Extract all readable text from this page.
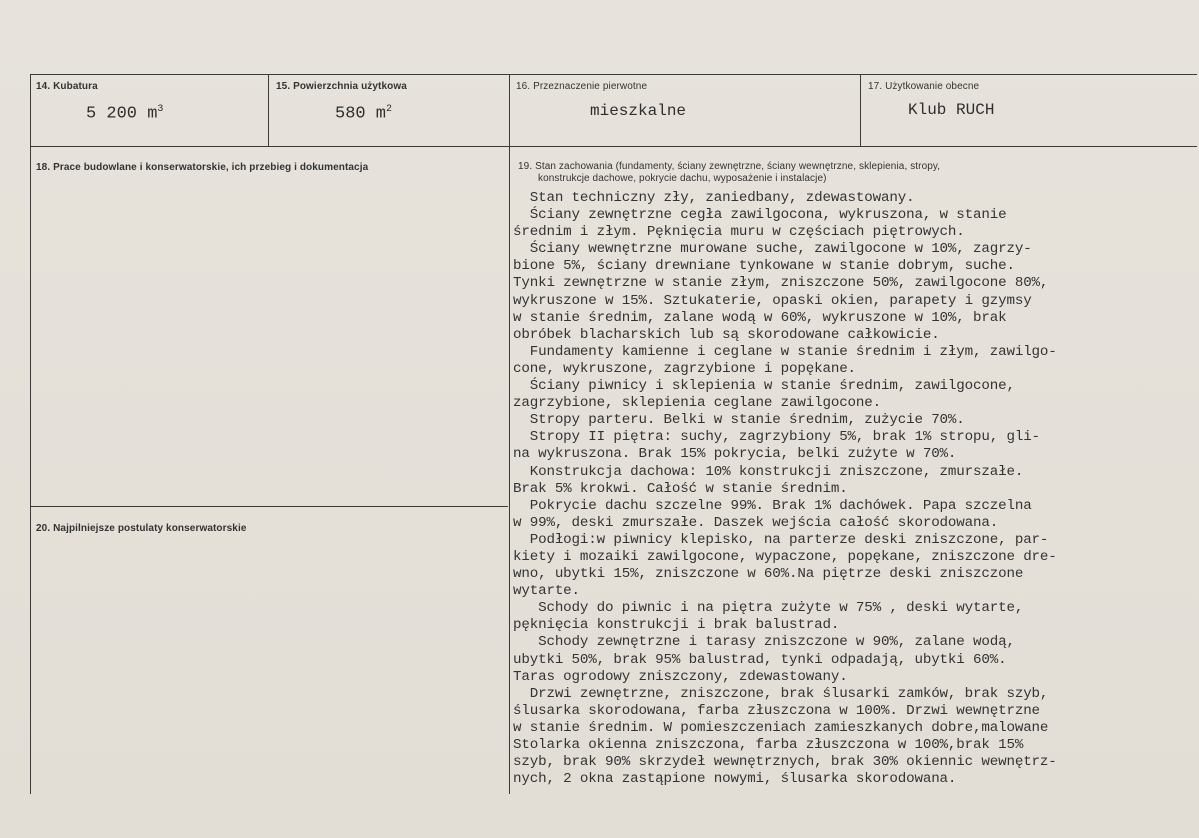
14. Kubatura
5 200 $m^3$
15. Powierzchnia użytkowa
580 $m^2$
16. Przeznaczenie pierwotne
mieszkalne
17. Użytkowanie obecne
Klub RUCH
18. Prace budowlane i konserwatorskie, ich przebieg i dokumentacja	19. Stan zachowania (fundamenty, ściany zewnętrzne, ściany wewnętrzne, sklepienia, stropy,
konstrukcje dachowe, pokrycie dachu, wyposażenie i instalacje)
Stan techniczny zły, zaniedbany, zdewastowany.
Ściany zewnętrzne cegła zawilgocona, wykruszona, w stanie
średnim i złym. Pęknięcia muru w częściach piętrowych.
Ściany wewnętrzne murowane suche, zawilgocone w 10%, zagrzy-
bione 5%, ściany drewniane tynkowane w stanie dobrym, suche.
Tynki zewnętrzne w stanie złym, zniszczone 50%, zawilgocone 80%,
wykruszone w 15%. Sztukaterie, opaski okien, parapety i gzymsy
w stanie średnim, zalane wodą w 60%, wykruszone w 10%, brak
obróbek blacharskich lub są skorodowane całkowicie.
Fundamenty kamienne i ceglane w stanie średnim i złym, zawilgo-
cone, wykruszone, zagrzybione i popękane.
Ściany piwnicy i sklepienia w stanie średnim, zawilgocone,
zagrzybione, sklepienia ceglane zawilgocone.
Stropy parteru. Belki w stanie średnim, zużycie 70%.
Stropy II piętra: suchy, zagrzybiony 5%, brak 1% stropu, gli-
na wykruszona. Brak 15% pokrycia, belki zużyte w 70%.
Konstrukcja dachowa: 10% konstrukcji zniszczone, zmurszałe.
Brak 5% krokwi. Całość w stanie średnim.
Pokrycie dachu szczelne 99%. Brak 1% dachówek. Papa szczelna
w 99%, deski zmurszałe. Daszek wejścia całość skorodowana.
Podłogi:w piwnicy klepisko, na parterze deski zniszczone, par-
kiety i mozaiki zawilgocone, wypaczone, popękane, zniszczone dre-
wno, ubytki 15%, zniszczone w 60%.Na piętrze deski zniszczone
wytarte.
Schody do piwnic i na piętra zużyte w 75% , deski wytarte,
pęknięcia konstrukcji i brak balustrad.
Schody zewnętrzne i tarasy zniszczone w 90%, zalane wodą,
ubytki 50%, brak 95% balustrad, tynki odpadają, ubytki 60%.
Taras ogrodowy zniszczony, zdewastowany.
Drzwi zewnętrzne, zniszczone, brak ślusarki zamków, brak szyb,
ślusarka skorodowana, farba złuszczona w 100%. Drzwi wewnętrzne
w stanie średnim. W pomieszczeniach zamieszkanych dobre,malowane
Stolarka okienna zniszczona, farba złuszczona w 100%,brak 15%
szyb, brak 90% skrzydeł wewnętrznych, brak 30% okiennic wewnętrz-
nych, 2 okna zastąpione nowymi, ślusarka skorodowana.
20. Najpilniejsze postulaty konserwatorskie
